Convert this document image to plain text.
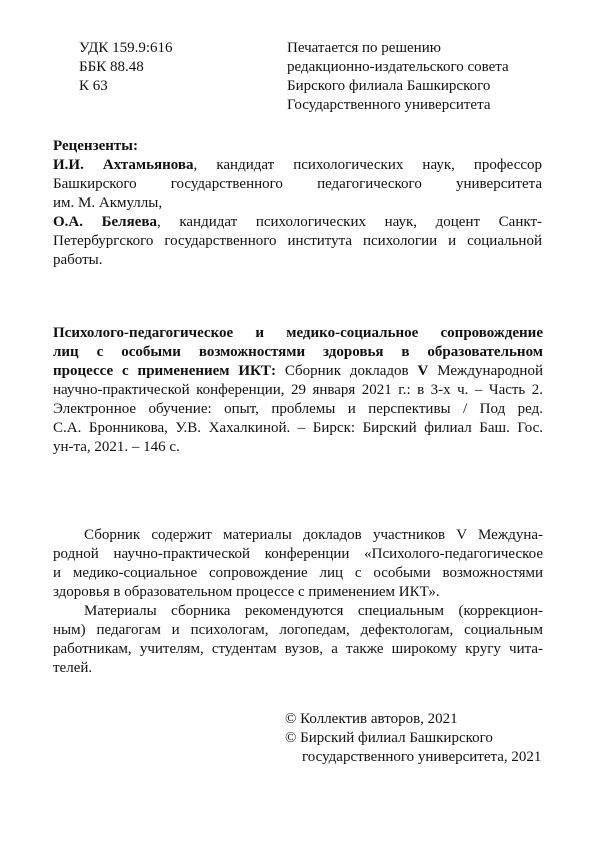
УДК 159.9:616
ББК 88.48
К 63
Печатается по решению
редакционно-издательского совета
Бирского филиала Башкирского
Государственного университета
Рецензенты:
И.И. Ахтамьянова, кандидат психологических наук, профессор
Башкирского государственного педагогического университета
им. М. Акмуллы,
О.А. Беляева, кандидат психологических наук, доцент Санкт-
Петербургского государственного института психологии и социальной
работы.
Психолого-педагогическое и медико-социальное сопровождение
лиц с особыми возможностями здоровья в образовательном
процессе с применением ИКТ: Сборник докладов V Международной
научно-практической конференции, 29 января 2021 г.: в 3-х ч. – Часть 2.
Электронное обучение: опыт, проблемы и перспективы / Под ред.
С.А. Бронникова, У.В. Хахалкиной. – Бирск: Бирский филиал Баш. Гос.
ун-та, 2021. – 146 с.
Сборник содержит материалы докладов участников V Междуна-
родной научно-практической конференции «Психолого-педагогическое
и медико-социальное сопровождение лиц с особыми возможностями
здоровья в образовательном процессе с применением ИКТ».
Материалы сборника рекомендуются специальным (коррекцион-
ным) педагогам и психологам, логопедам, дефектологам, социальным
работникам, учителям, студентам вузов, а также широкому кругу чита-
телей.
© Коллектив авторов, 2021
© Бирский филиал Башкирского
государственного университета, 2021
